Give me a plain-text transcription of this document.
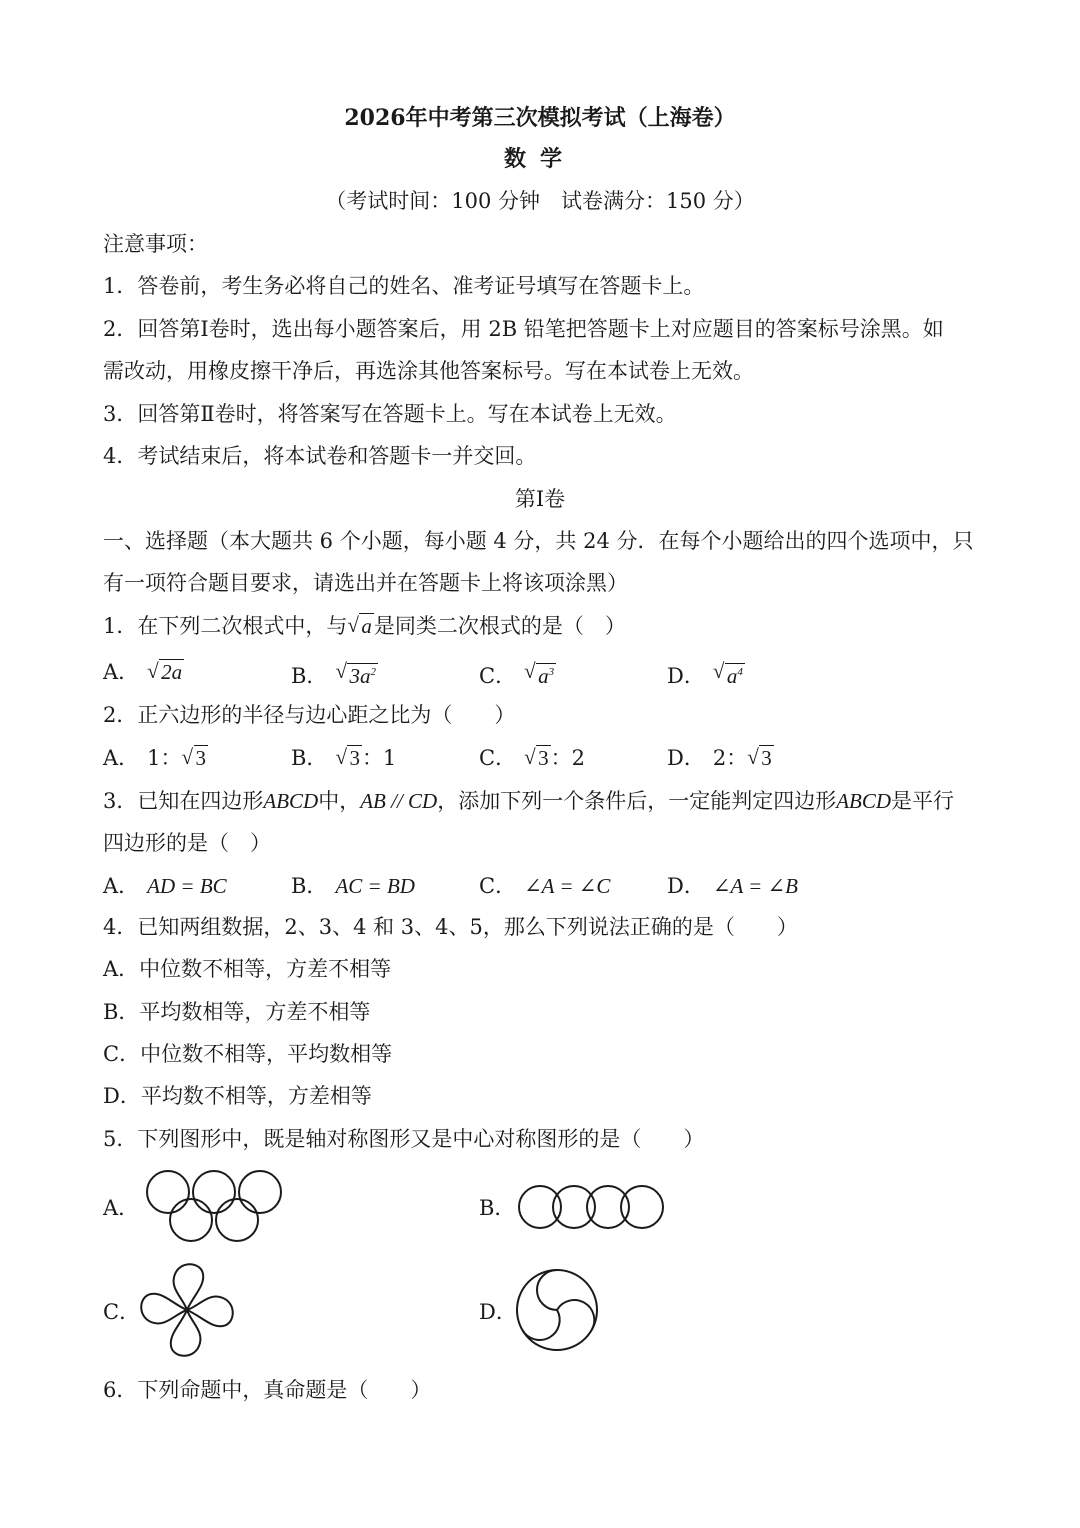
2026年中考第三次模拟考试（上海卷）
数学
（考试时间：100 分钟　试卷满分：150 分）
注意事项：
1．答卷前，考生务必将自己的姓名、准考证号填写在答题卡上。
2．回答第Ⅰ卷时，选出每小题答案后，用 2B 铅笔把答题卡上对应题目的答案标号涂黑。如
需改动，用橡皮擦干净后，再选涂其他答案标号。写在本试卷上无效。
3．回答第Ⅱ卷时，将答案写在答题卡上。写在本试卷上无效。
4．考试结束后，将本试卷和答题卡一并交回。
第Ⅰ卷
一、选择题（本大题共 6 个小题，每小题 4 分，共 24 分．在每个小题给出的四个选项中，只
有一项符合题目要求，请选出并在答题卡上将该项涂黑）
1．在下列二次根式中，与 √ a是同类二次根式的是（　）
A． √ 2a	B． √ $3a^2$	C． √ $a^3$	D． √ $a^4$
2．正六边形的半径与边心距之比为（　　）
A． 1： √ 3	B． √ 3：1	C． √ 3：2	D． 2： √ 3
3．已知在四边形ABCD中，AB // CD，添加下列一个条件后，一定能判定四边形ABCD是平行
四边形的是（　）
A． AD = BC	B． AC = BD	C． ∠A = ∠C	D． ∠A = ∠B
4．已知两组数据，2、3、4 和 3、4、5，那么下列说法正确的是（　　）
A．中位数不相等，方差不相等
B．平均数相等，方差不相等
C．中位数不相等，平均数相等
D．平均数不相等，方差相等
5．下列图形中，既是轴对称图形又是中心对称图形的是（　　）
A．	B．
C．	D．
6．下列命题中，真命题是（　　）
